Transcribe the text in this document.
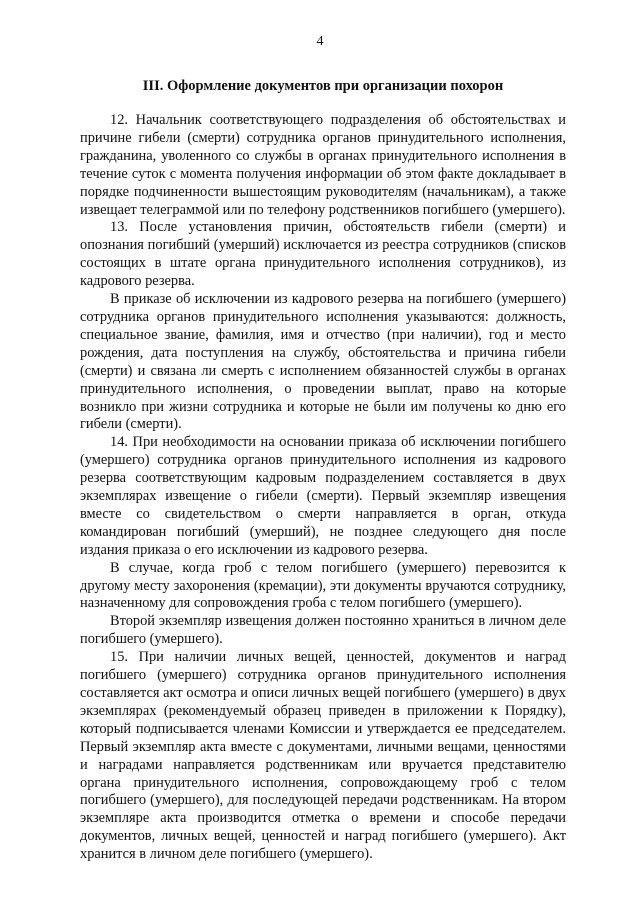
4
III. Оформление документов при организации похорон

12. Начальник соответствующего подразделения об обстоятельствах и причине гибели (смерти) сотрудника органов принудительного исполнения, гражданина, уволенного со службы в органах принудительного исполнения в течение суток с момента получения информации об этом факте докладывает в порядке подчиненности вышестоящим руководителям (начальникам), а также извещает телеграммой или по телефону родственников погибшего (умершего).

13. После установления причин, обстоятельств гибели (смерти) и опознания погибший (умерший) исключается из реестра сотрудников (списков состоящих в штате органа принудительного исполнения сотрудников), из кадрового резерва.

В приказе об исключении из кадрового резерва на погибшего (умершего) сотрудника органов принудительного исполнения указываются: должность, специальное звание, фамилия, имя и отчество (при наличии), год и место рождения, дата поступления на службу, обстоятельства и причина гибели (смерти) и связана ли смерть с исполнением обязанностей службы в органах принудительного исполнения, о проведении выплат, право на которые возникло при жизни сотрудника и которые не были им получены ко дню его гибели (смерти).

14. При необходимости на основании приказа об исключении погибшего (умершего) сотрудника органов принудительного исполнения из кадрового резерва соответствующим кадровым подразделением составляется в двух экземплярах извещение о гибели (смерти). Первый экземпляр извещения вместе со свидетельством о смерти направляется в орган, откуда командирован погибший (умерший), не позднее следующего дня после издания приказа о его исключении из кадрового резерва.

В случае, когда гроб с телом погибшего (умершего) перевозится к другому месту захоронения (кремации), эти документы вручаются сотруднику, назначенному для сопровождения гроба с телом погибшего (умершего).

Второй экземпляр извещения должен постоянно храниться в личном деле погибшего (умершего).

15. При наличии личных вещей, ценностей, документов и наград погибшего (умершего) сотрудника органов принудительного исполнения составляется акт осмотра и описи личных вещей погибшего (умершего) в двух экземплярах (рекомендуемый образец приведен в приложении к Порядку), который подписывается членами Комиссии и утверждается ее председателем. Первый экземпляр акта вместе с документами, личными вещами, ценностями и наградами направляется родственникам или вручается представителю органа принудительного исполнения, сопровождающему гроб с телом погибшего (умершего), для последующей передачи родственникам. На втором экземпляре акта производится отметка о времени и способе передачи документов, личных вещей, ценностей и наград погибшего (умершего). Акт хранится в личном деле погибшего (умершего).
